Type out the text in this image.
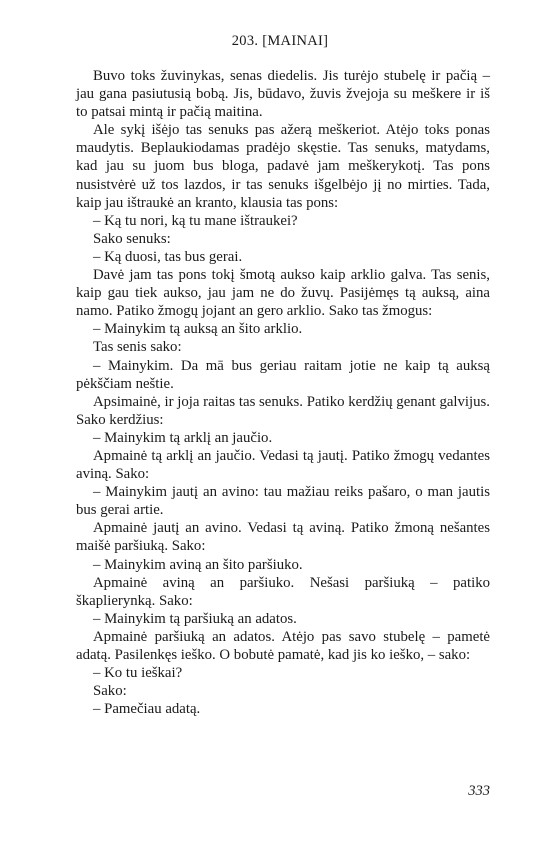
203. [MAINAI]

Buvo toks žuvinykas, senas diedelis. Jis turėjo stubelę ir pačią – jau gana pasiutusią bobą. Jis, būdavo, žuvis žvejoja su meškere ir iš to patsai mintą ir pačią maitina.

Ale sykį išėjo tas senuks pas ažerą meškeriot. Atėjo toks ponas maudytis. Beplaukiodamas pradėjo skęstie. Tas senuks, matydams, kad jau su juom bus bloga, padavė jam meškerykotį. Tas pons nusistvėrė už tos lazdos, ir tas senuks išgelbėjo jį no mirties. Tada, kaip jau ištraukė an kranto, klausia tas pons:

– Ką tu nori, ką tu mane ištraukei?

Sako senuks:

– Ką duosi, tas bus gerai.

Davė jam tas pons tokį šmotą aukso kaip arklio galva. Tas senis, kaip gau tiek aukso, jau jam ne do žuvų. Pasijėmęs tą auksą, aina namo. Patiko žmogų jojant an gero arklio. Sako tas žmogus:

– Mainykim tą auksą an šito arklio.

Tas senis sako:

– Mainykim. Da mā bus geriau raitam jotie ne kaip tą auksą pėkščiam neštie.

Apsimainė, ir joja raitas tas senuks. Patiko kerdžių genant galvijus. Sako kerdžius:

– Mainykim tą arklį an jaučio.

Apmainė tą arklį an jaučio. Vedasi tą jautį. Patiko žmogų vedantes aviną. Sako:

– Mainykim jautį an avino: tau mažiau reiks pašaro, o man jautis bus gerai artie.

Apmainė jautį an avino. Vedasi tą aviną. Patiko žmoną nešantes maišė paršiuką. Sako:

– Mainykim aviną an šito paršiuko.

Apmainė aviną an paršiuko. Nešasi paršiuką – patiko škaplierynką. Sako:

– Mainykim tą paršiuką an adatos.

Apmainė paršiuką an adatos. Atėjo pas savo stubelę – pametė adatą. Pasilenkęs ieško. O bobutė pamatė, kad jis ko ieško, – sako:

– Ko tu ieškai?

Sako:

– Pamečiau adatą.

333
